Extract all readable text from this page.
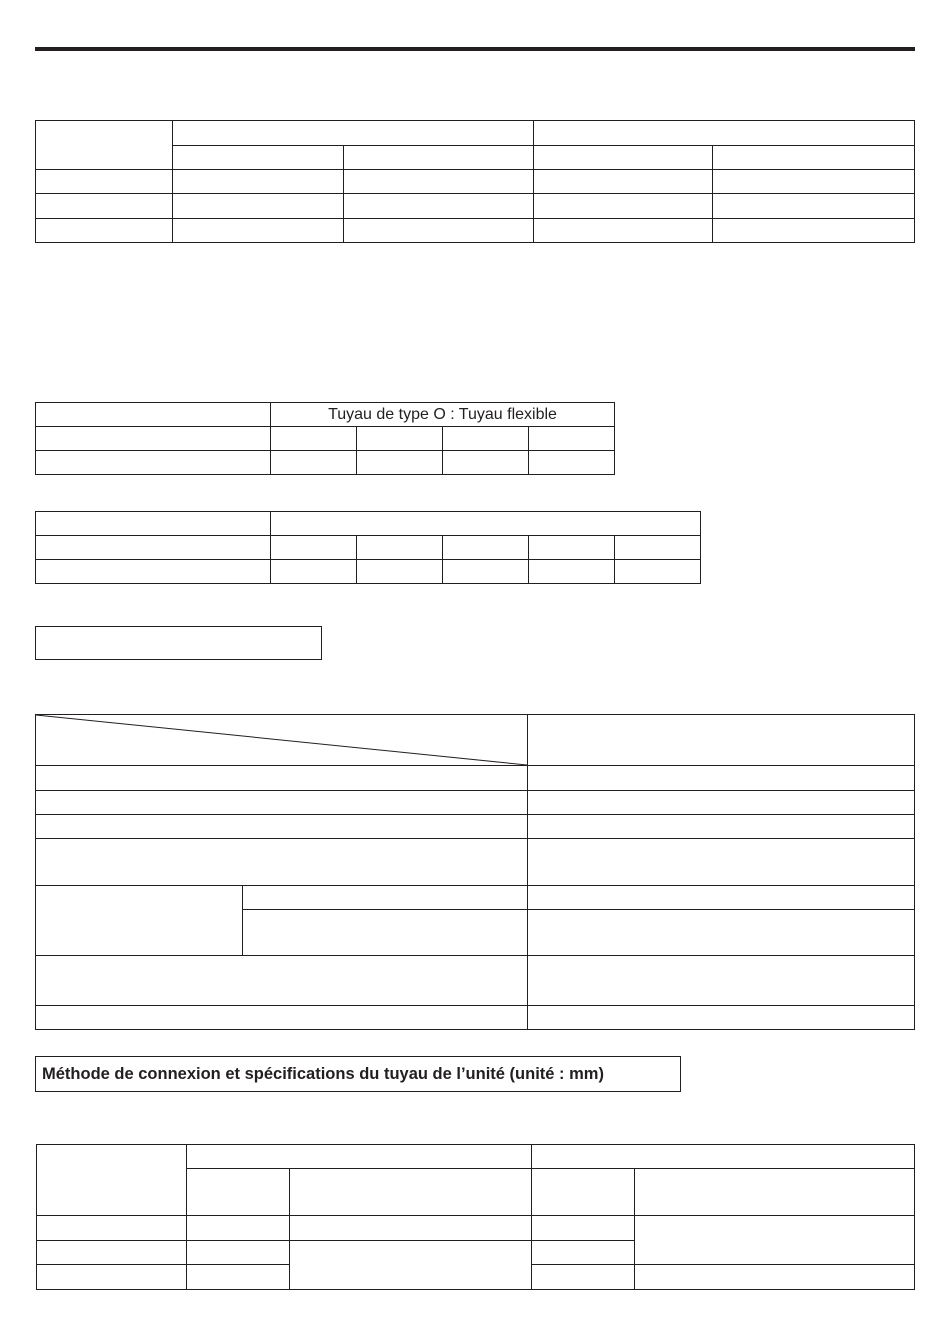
	Tuyau de type O : Tuyau flexible			

Méthode de connexion et spécifications du tuyau de l’unité (unité : mm)
